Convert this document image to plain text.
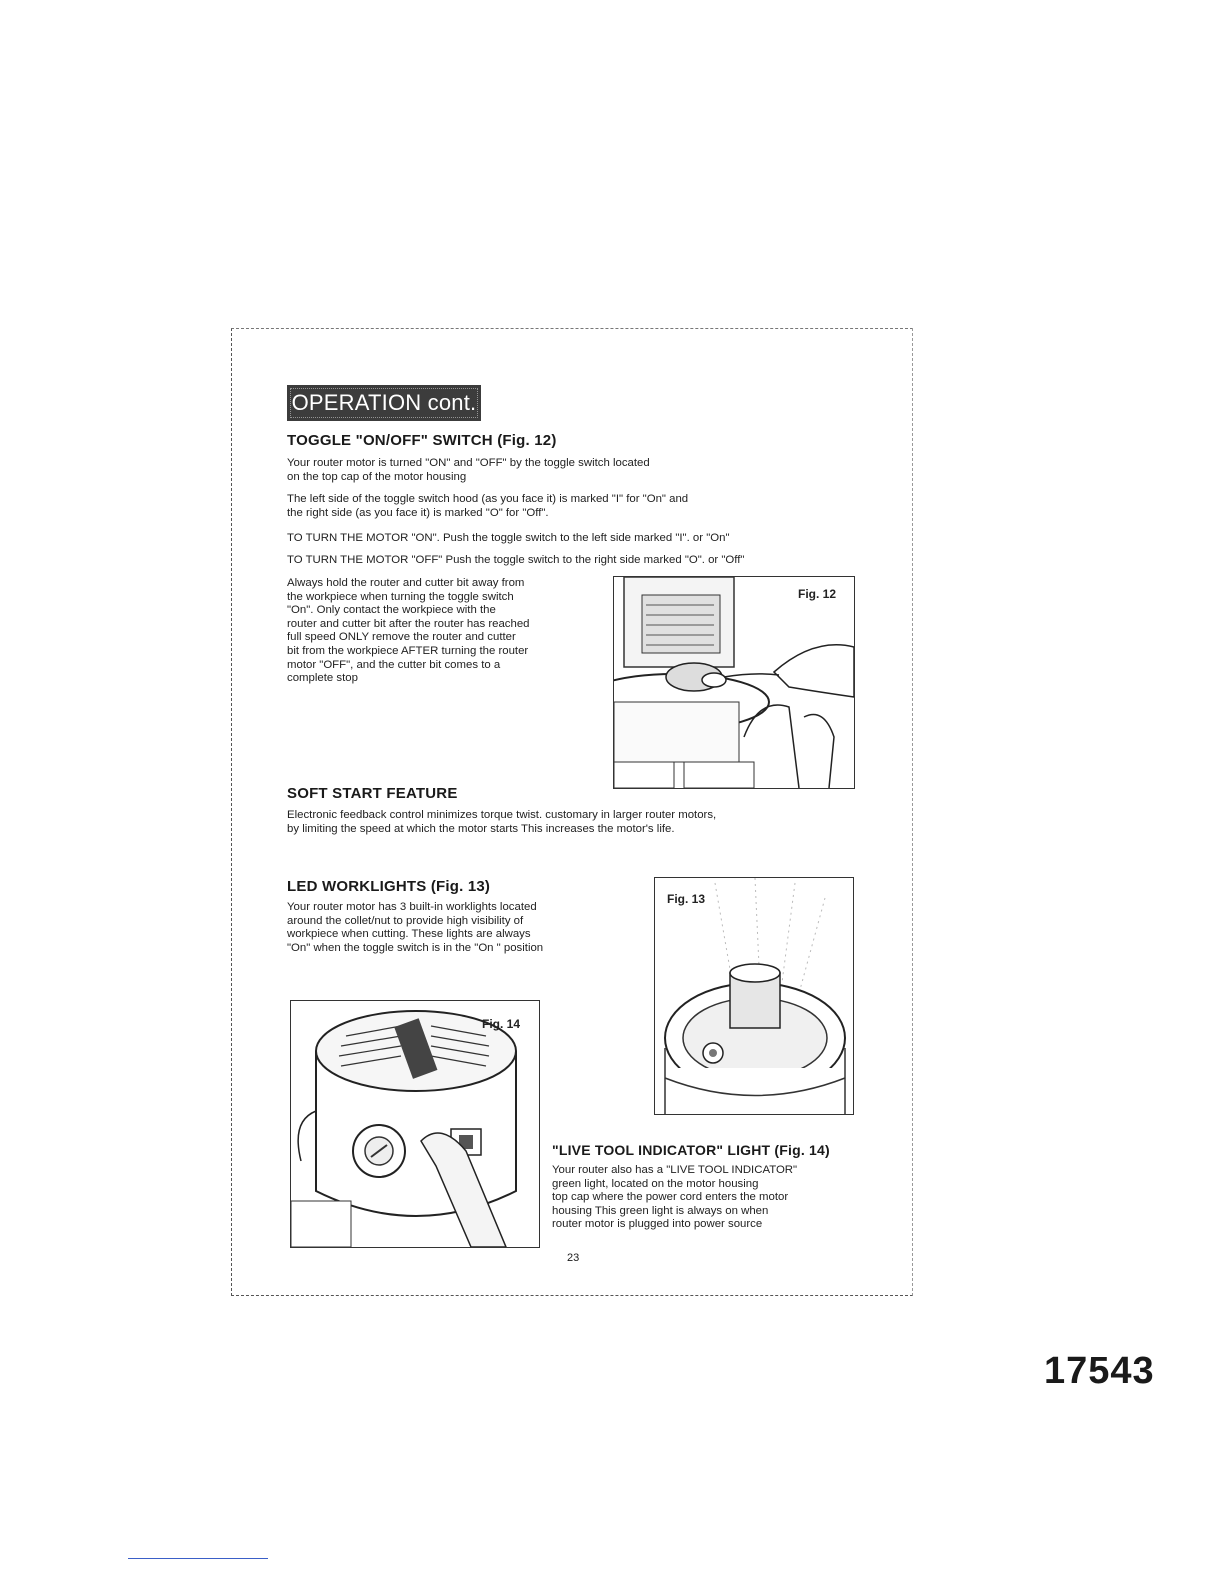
OPERATION cont.

TOGGLE "ON/OFF" SWITCH (Fig. 12)

Your router motor is turned "ON" and "OFF" by the toggle switch located

on the top cap of the motor housing

The left side of the toggle switch hood (as you face it) is marked "I" for "On" and

the right side (as you face it) is marked "O" for "Off".

TO TURN THE MOTOR "ON". Push the toggle switch to the left side marked "I". or "On"

TO TURN THE MOTOR "OFF" Push the toggle switch to the right side marked "O". or "Off"

Always hold the router and cutter bit away from

the workpiece when turning the toggle switch

"On". Only contact the workpiece with the

router and cutter bit after the router has reached

full speed ONLY remove the router and cutter

bit from the workpiece AFTER turning the router

motor "OFF", and the cutter bit comes to a

complete stop

Fig. 12

SOFT START FEATURE

Electronic feedback control minimizes torque twist. customary in larger router motors,

by limiting the speed at which the motor starts This increases the motor's life.

LED WORKLIGHTS (Fig. 13)

Your router motor has 3 built-in worklights located

around the collet/nut to provide high visibility of

workpiece when cutting. These lights are always

"On" when the toggle switch is in the "On " position

Fig. 13
Fig. 14

"LIVE TOOL INDICATOR" LIGHT (Fig. 14)

Your router also has a "LIVE TOOL INDICATOR"

green light, located on the motor housing

top cap where the power cord enters the motor

housing This green light is always on when

router motor is plugged into power source

23
17543
